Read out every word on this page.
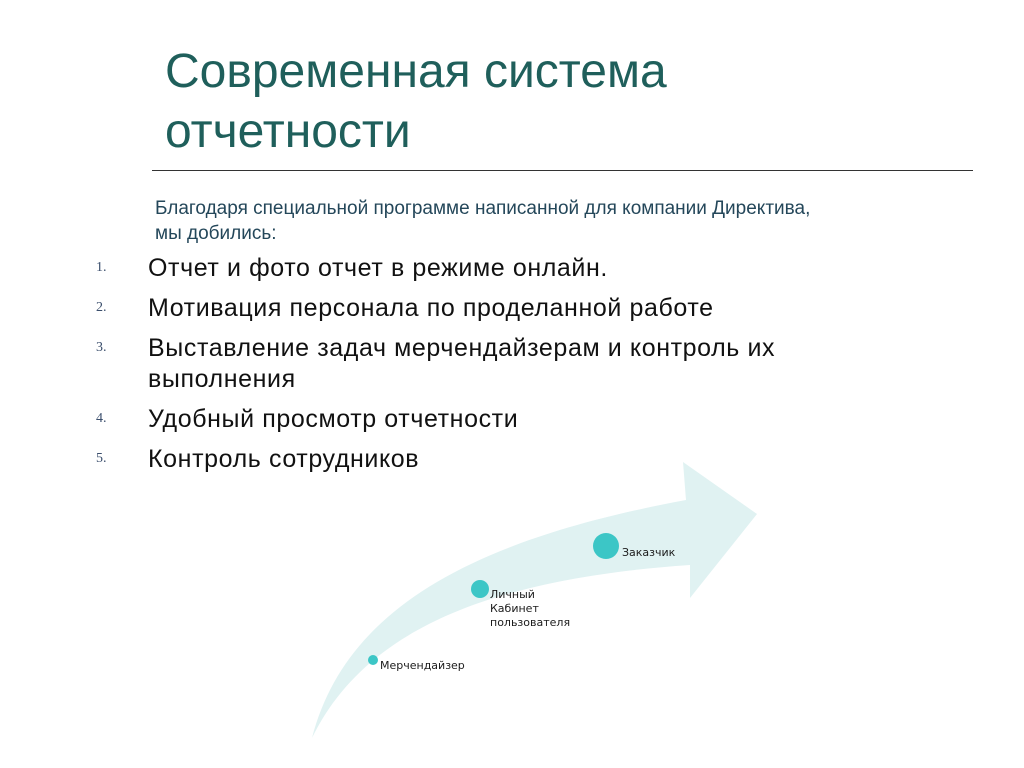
Современная система
отчетности

Благодаря специальной программе написанной для компании Директива,
мы добились:

1. Отчет и фото отчет в режиме онлайн.
2. Мотивация персонала по проделанной работе
3. Выставление задач мерчендайзерам и контроль их
выполнения
4. Удобный просмотр отчетности
5. Контроль сотрудников
Заказчик
Личный
Кабинет
пользователя
Мерчендайзер
